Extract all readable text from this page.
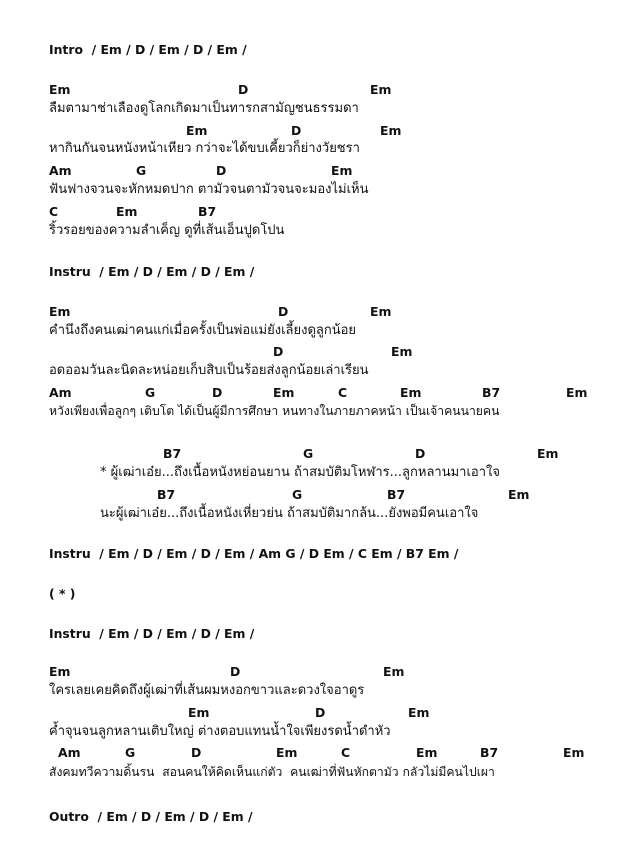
Intro  / Em / D / Em / D / Em /
Em	D	Em
ลืมตามาช่าเลืองดูโลกเกิดมาเป็นทารกสามัญชนธรรมดา
Em	D	Em
หากินกันจนหนังหน้าเหียว กว่าจะได้ขบเคี้ยวก็ย่างวัยชรา
Am	G	D	Em
ฟันฟางจวนจะหักหมดปาก ตามัวจนตามัวจนจะมองไม่เห็น
C	Em	B7
ริ้วรอยของความลำเค็ญ ดูที่เส้นเอ็นปูดโปน
Instru  / Em / D / Em / D / Em /
Em	D	Em
คำนึงถึงคนเฒ่าคนแก่เมื่อครั้งเป็นพ่อแม่ยังเลี้ยงดูลูกน้อย
D	Em
อดออมวันละนิดละหน่อยเก็บสิบเป็นร้อยส่งลูกน้อยเล่าเรียน
Am	G	D	Em	C	Em	B7	Em
หวังเพียงเพื่อลูกๆ เติบโต ได้เป็นผู้มีการศึกษา หนทางในภายภาคหน้า เป็นเจ้าคนนายคน
B7	G	D	Em
* ผู้เฒ่าเอ๋ย...ถึงเนื้อหนังหย่อนยาน ถ้าสมบัติมโหฬาร...ลูกหลานมาเอาใจ
B7	G	B7	Em
นะผู้เฒ่าเอ๋ย...ถึงเนื้อหนังเหี่ยวย่น ถ้าสมบัติมากล้น...ยังพอมีคนเอาใจ
Instru  / Em / D / Em / D / Em / Am G / D Em / C Em / B7 Em /
( * )
Instru  / Em / D / Em / D / Em /
Em	D	Em
ใครเลยเคยคิดถึงผู้เฒ่าที่เส้นผมหงอกขาวและดวงใจอาดูร
Em	D	Em
ค้ำจุนจนลูกหลานเติบใหญ่ ต่างตอบแทนน้ำใจเพียงรดน้ำดำหัว
Am	G	D	Em	C	Em	B7	Em
สังคมทวีความดิ้นรน  สอนคนให้คิดเห็นแก่ตัว  คนเฒ่าที่ฟันหักตามัว กลัวไม่มีคนไปเผา
Outro  / Em / D / Em / D / Em /
